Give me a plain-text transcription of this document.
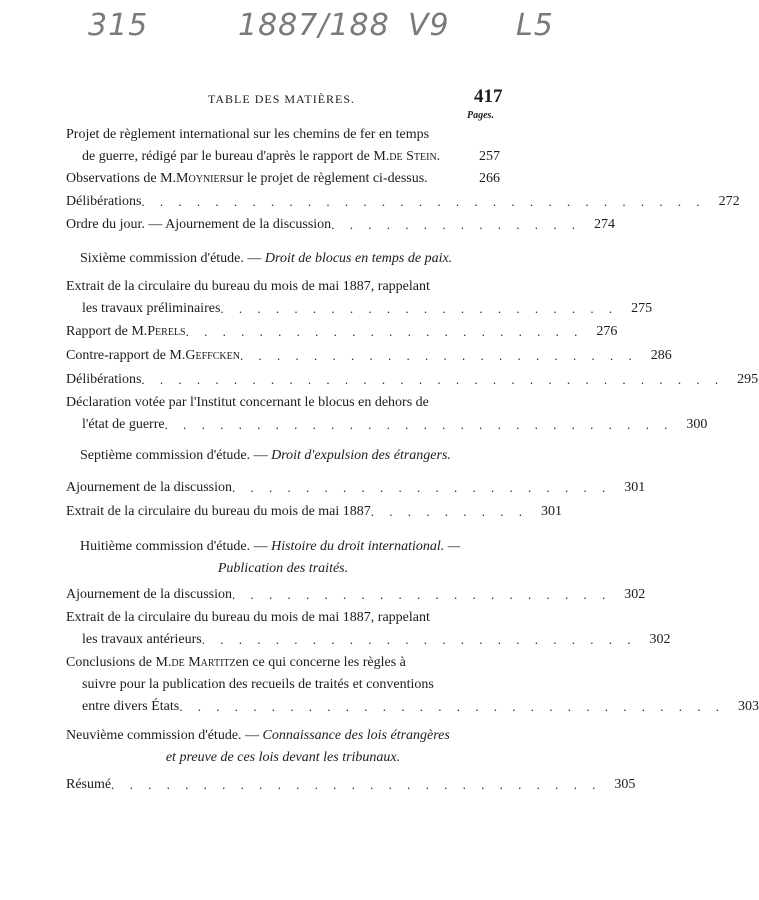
315	1887/188 V9 L5
TABLE DES MATIÈRES.	417
Pages.
Projet de règlement international sur les chemins de fer en temps
de guerre, rédigé par le bureau d'après le rapport de M. de Stein.	257
Observations de M. Moynier sur le projet de règlement ci-dessus.	266
Délibérations . . . . . . . . . . . . . . . . . . . . . . . . . . . . . . . 272
Ordre du jour. — Ajournement de la discussion . . . . . . . . . . . . . . 274
Sixième commission d'étude. — Droit de blocus en temps de paix.
Extrait de la circulaire du bureau du mois de mai 1887, rappelant
les travaux préliminaires . . . . . . . . . . . . . . . . . . . . . . 275
Rapport de M. Perels . . . . . . . . . . . . . . . . . . . . . . 276
Contre-rapport de M. Geffcken . . . . . . . . . . . . . . . . . . . . . . 286
Délibérations . . . . . . . . . . . . . . . . . . . . . . . . . . . . . . . . 295
Déclaration votée par l'Institut concernant le blocus en dehors de
l'état de guerre . . . . . . . . . . . . . . . . . . . . . . . . . . . . 300
Septième commission d'étude. — Droit d'expulsion des étrangers.
Ajournement de la discussion . . . . . . . . . . . . . . . . . . . . . 301
Extrait de la circulaire du bureau du mois de mai 1887 . . . . . . . . . 301
Huitième commission d'étude. — Histoire du droit international. —
Publication des traités.
Ajournement de la discussion . . . . . . . . . . . . . . . . . . . . . 302
Extrait de la circulaire du bureau du mois de mai 1887, rappelant
les travaux antérieurs . . . . . . . . . . . . . . . . . . . . . . . . 302
Conclusions de M. de Martitz en ce qui concerne les règles à
suivre pour la publication des recueils de traités et conventions
entre divers États . . . . . . . . . . . . . . . . . . . . . . . . . . . . . . 303
Neuvième commission d'étude. — Connaissance des lois étrangères
et preuve de ces lois devant les tribunaux.
Résumé . . . . . . . . . . . . . . . . . . . . . . . . . . . 305
